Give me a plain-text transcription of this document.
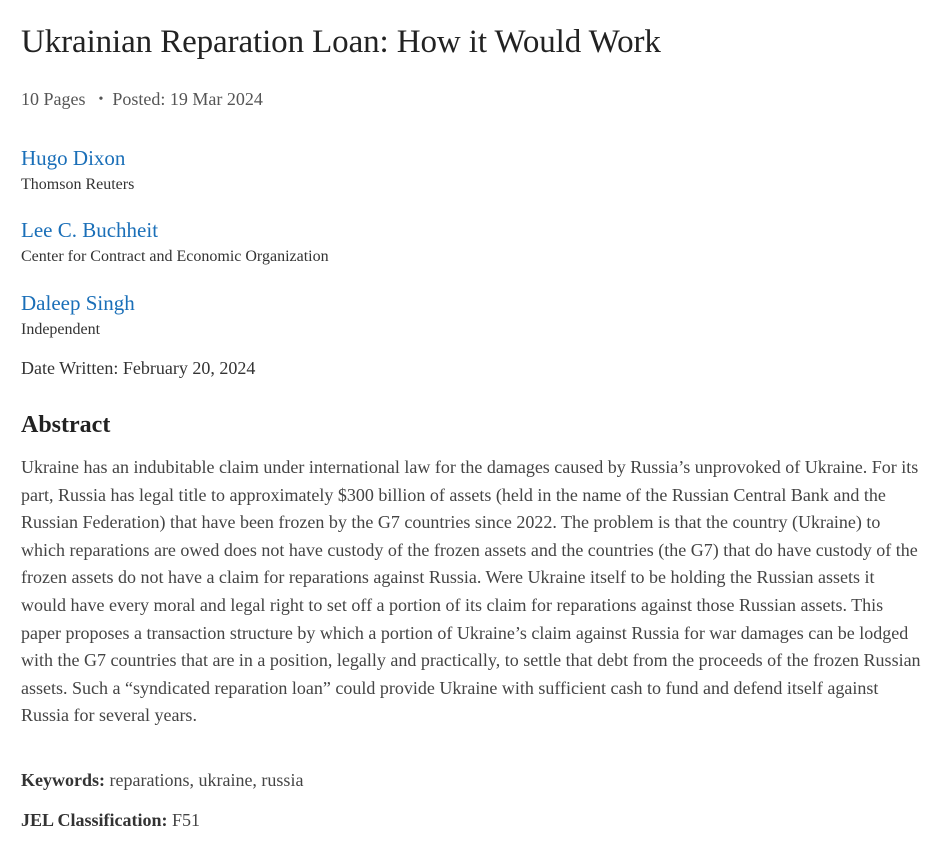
Ukrainian Reparation Loan: How it Would Work
10 Pages • Posted: 19 Mar 2024
Hugo Dixon
Thomson Reuters
Lee C. Buchheit
Center for Contract and Economic Organization
Daleep Singh
Independent
Date Written: February 20, 2024
Abstract

Ukraine has an indubitable claim under international law for the damages caused by Russia’s unprovoked of Ukraine. For its part, Russia has legal title to approximately $300 billion of assets (held in the name of the Russian Central Bank and the Russian Federation) that have been frozen by the G7 countries since 2022. The problem is that the country (Ukraine) to which reparations are owed does not have custody of the frozen assets and the countries (the G7) that do have custody of the frozen assets do not have a claim for reparations against Russia. Were Ukraine itself to be holding the Russian assets it would have every moral and legal right to set off a portion of its claim for reparations against those Russian assets. This paper proposes a transaction structure by which a portion of Ukraine’s claim against Russia for war damages can be lodged with the G7 countries that are in a position, legally and practically, to settle that debt from the proceeds of the frozen Russian assets. Such a “syndicated reparation loan” could provide Ukraine with sufficient cash to fund and defend itself against Russia for several years.

Keywords: reparations, ukraine, russia
JEL Classification: F51
